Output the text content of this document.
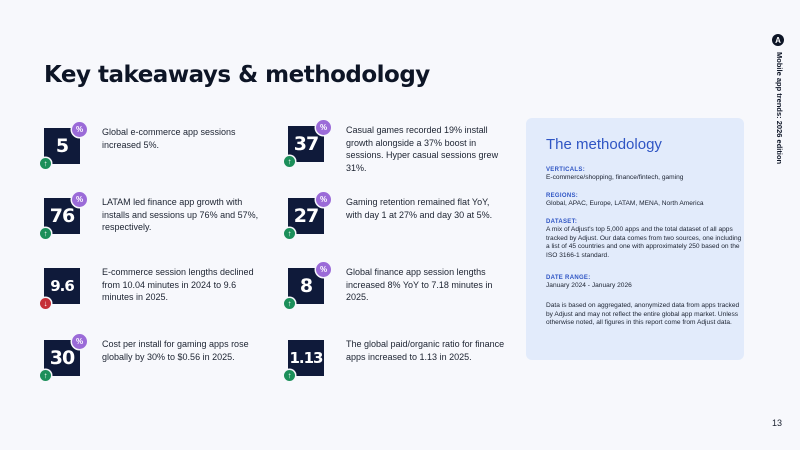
Key takeaways & methodology
A
Mobile app trends: 2026 edition
5
%
↑
Global e-commerce app sessions increased 5%.
76
%
↑
LATAM led finance app growth with installs and sessions up 76% and 57%, respectively.
9.6
↓
E-commerce session lengths declined from 10.04 minutes in 2024 to 9.6 minutes in 2025.
30
%
↑
Cost per install for gaming apps rose globally by 30% to $0.56 in 2025.
37
%
↑
Casual games recorded 19% install growth alongside a 37% boost in sessions. Hyper casual sessions grew 31%.
27
%
↑
Gaming retention remained flat YoY, with day 1 at 27% and day 30 at 5%.
8
%
↑
Global finance app session lengths increased 8% YoY to 7.18 minutes in 2025.
1.13
↑
The global paid/organic ratio for finance apps increased to 1.13 in 2025.
The methodology
VERTICALS:
E-commerce/shopping, finance/fintech, gaming
REGIONS:
Global, APAC, Europe, LATAM, MENA, North America
DATASET:
A mix of Adjust's top 5,000 apps and the total dataset of all apps tracked by Adjust. Our data comes from two sources, one including a list of 45 countries and one with approximately 250 based on the ISO 3166-1 standard.
DATE RANGE:
January 2024 - January 2026
Data is based on aggregated, anonymized data from apps tracked by Adjust and may not reflect the entire global app market. Unless otherwise noted, all figures in this report come from Adjust data.
13
